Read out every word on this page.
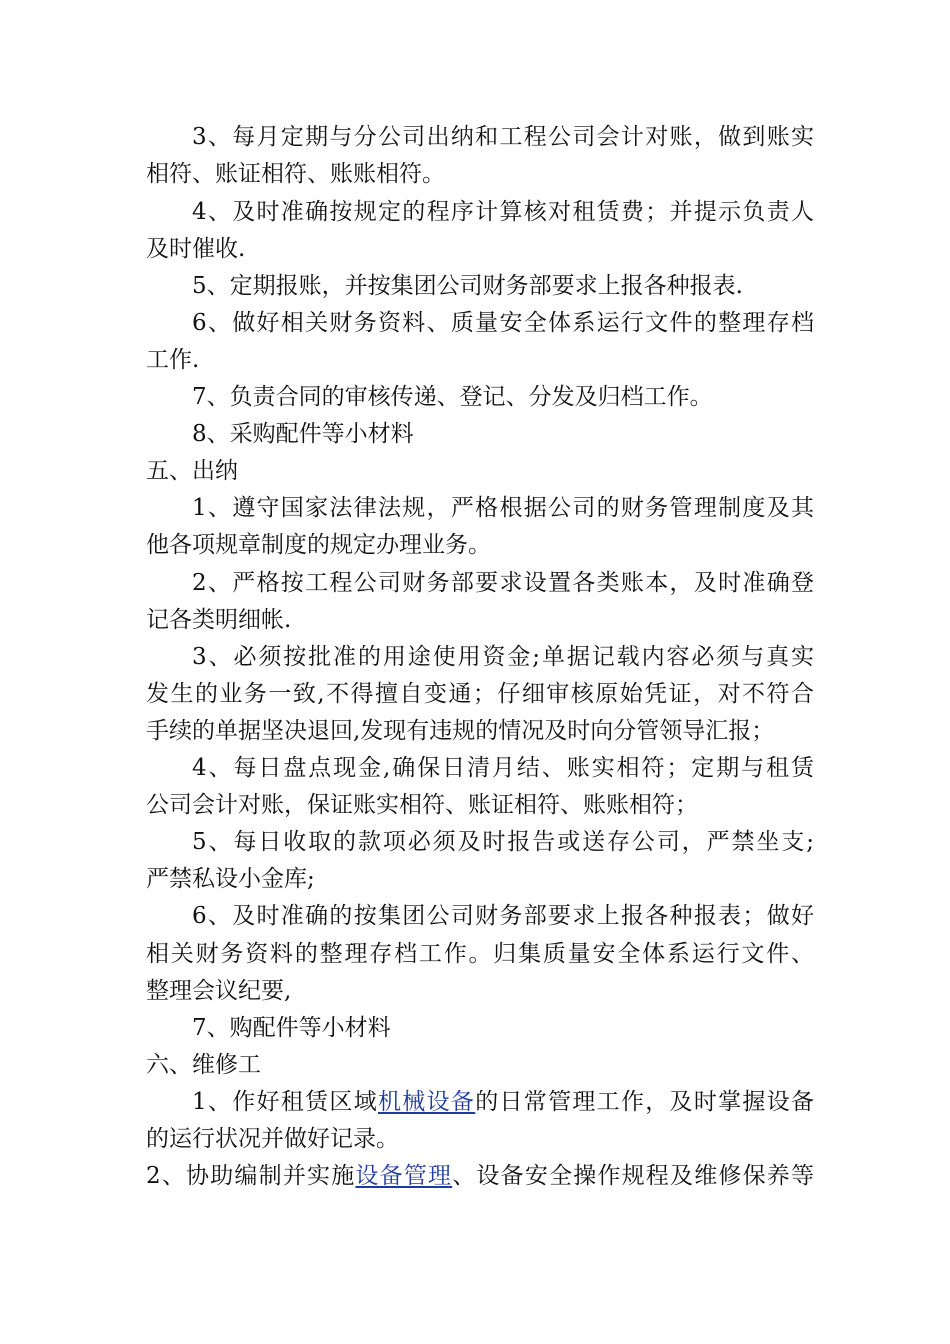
3、每月定期与分公司出纳和工程公司会计对账，做到账实
相符、账证相符、账账相符。
4、及时准确按规定的程序计算核对租赁费；并提示负责人
及时催收.
5、定期报账，并按集团公司财务部要求上报各种报表.
6、做好相关财务资料、质量安全体系运行文件的整理存档
工作.
7、负责合同的审核传递、登记、分发及归档工作。
8、采购配件等小材料
五、出纳
1、遵守国家法律法规，严格根据公司的财务管理制度及其
他各项规章制度的规定办理业务。
2、严格按工程公司财务部要求设置各类账本，及时准确登
记各类明细帐.
3、必须按批准的用途使用资金;单据记载内容必须与真实
发生的业务一致,不得擅自变通；仔细审核原始凭证，对不符合
手续的单据坚决退回,发现有违规的情况及时向分管领导汇报；
4、每日盘点现金,确保日清月结、账实相符；定期与租赁
公司会计对账，保证账实相符、账证相符、账账相符；
5、每日收取的款项必须及时报告或送存公司，严禁坐支;
严禁私设小金库;
6、及时准确的按集团公司财务部要求上报各种报表；做好
相关财务资料的整理存档工作。归集质量安全体系运行文件、
整理会议纪要,
7、购配件等小材料
六、维修工
1、作好租赁区域机械设备的日常管理工作，及时掌握设备
的运行状况并做好记录。
2、协助编制并实施设备管理、设备安全操作规程及维修保养等
